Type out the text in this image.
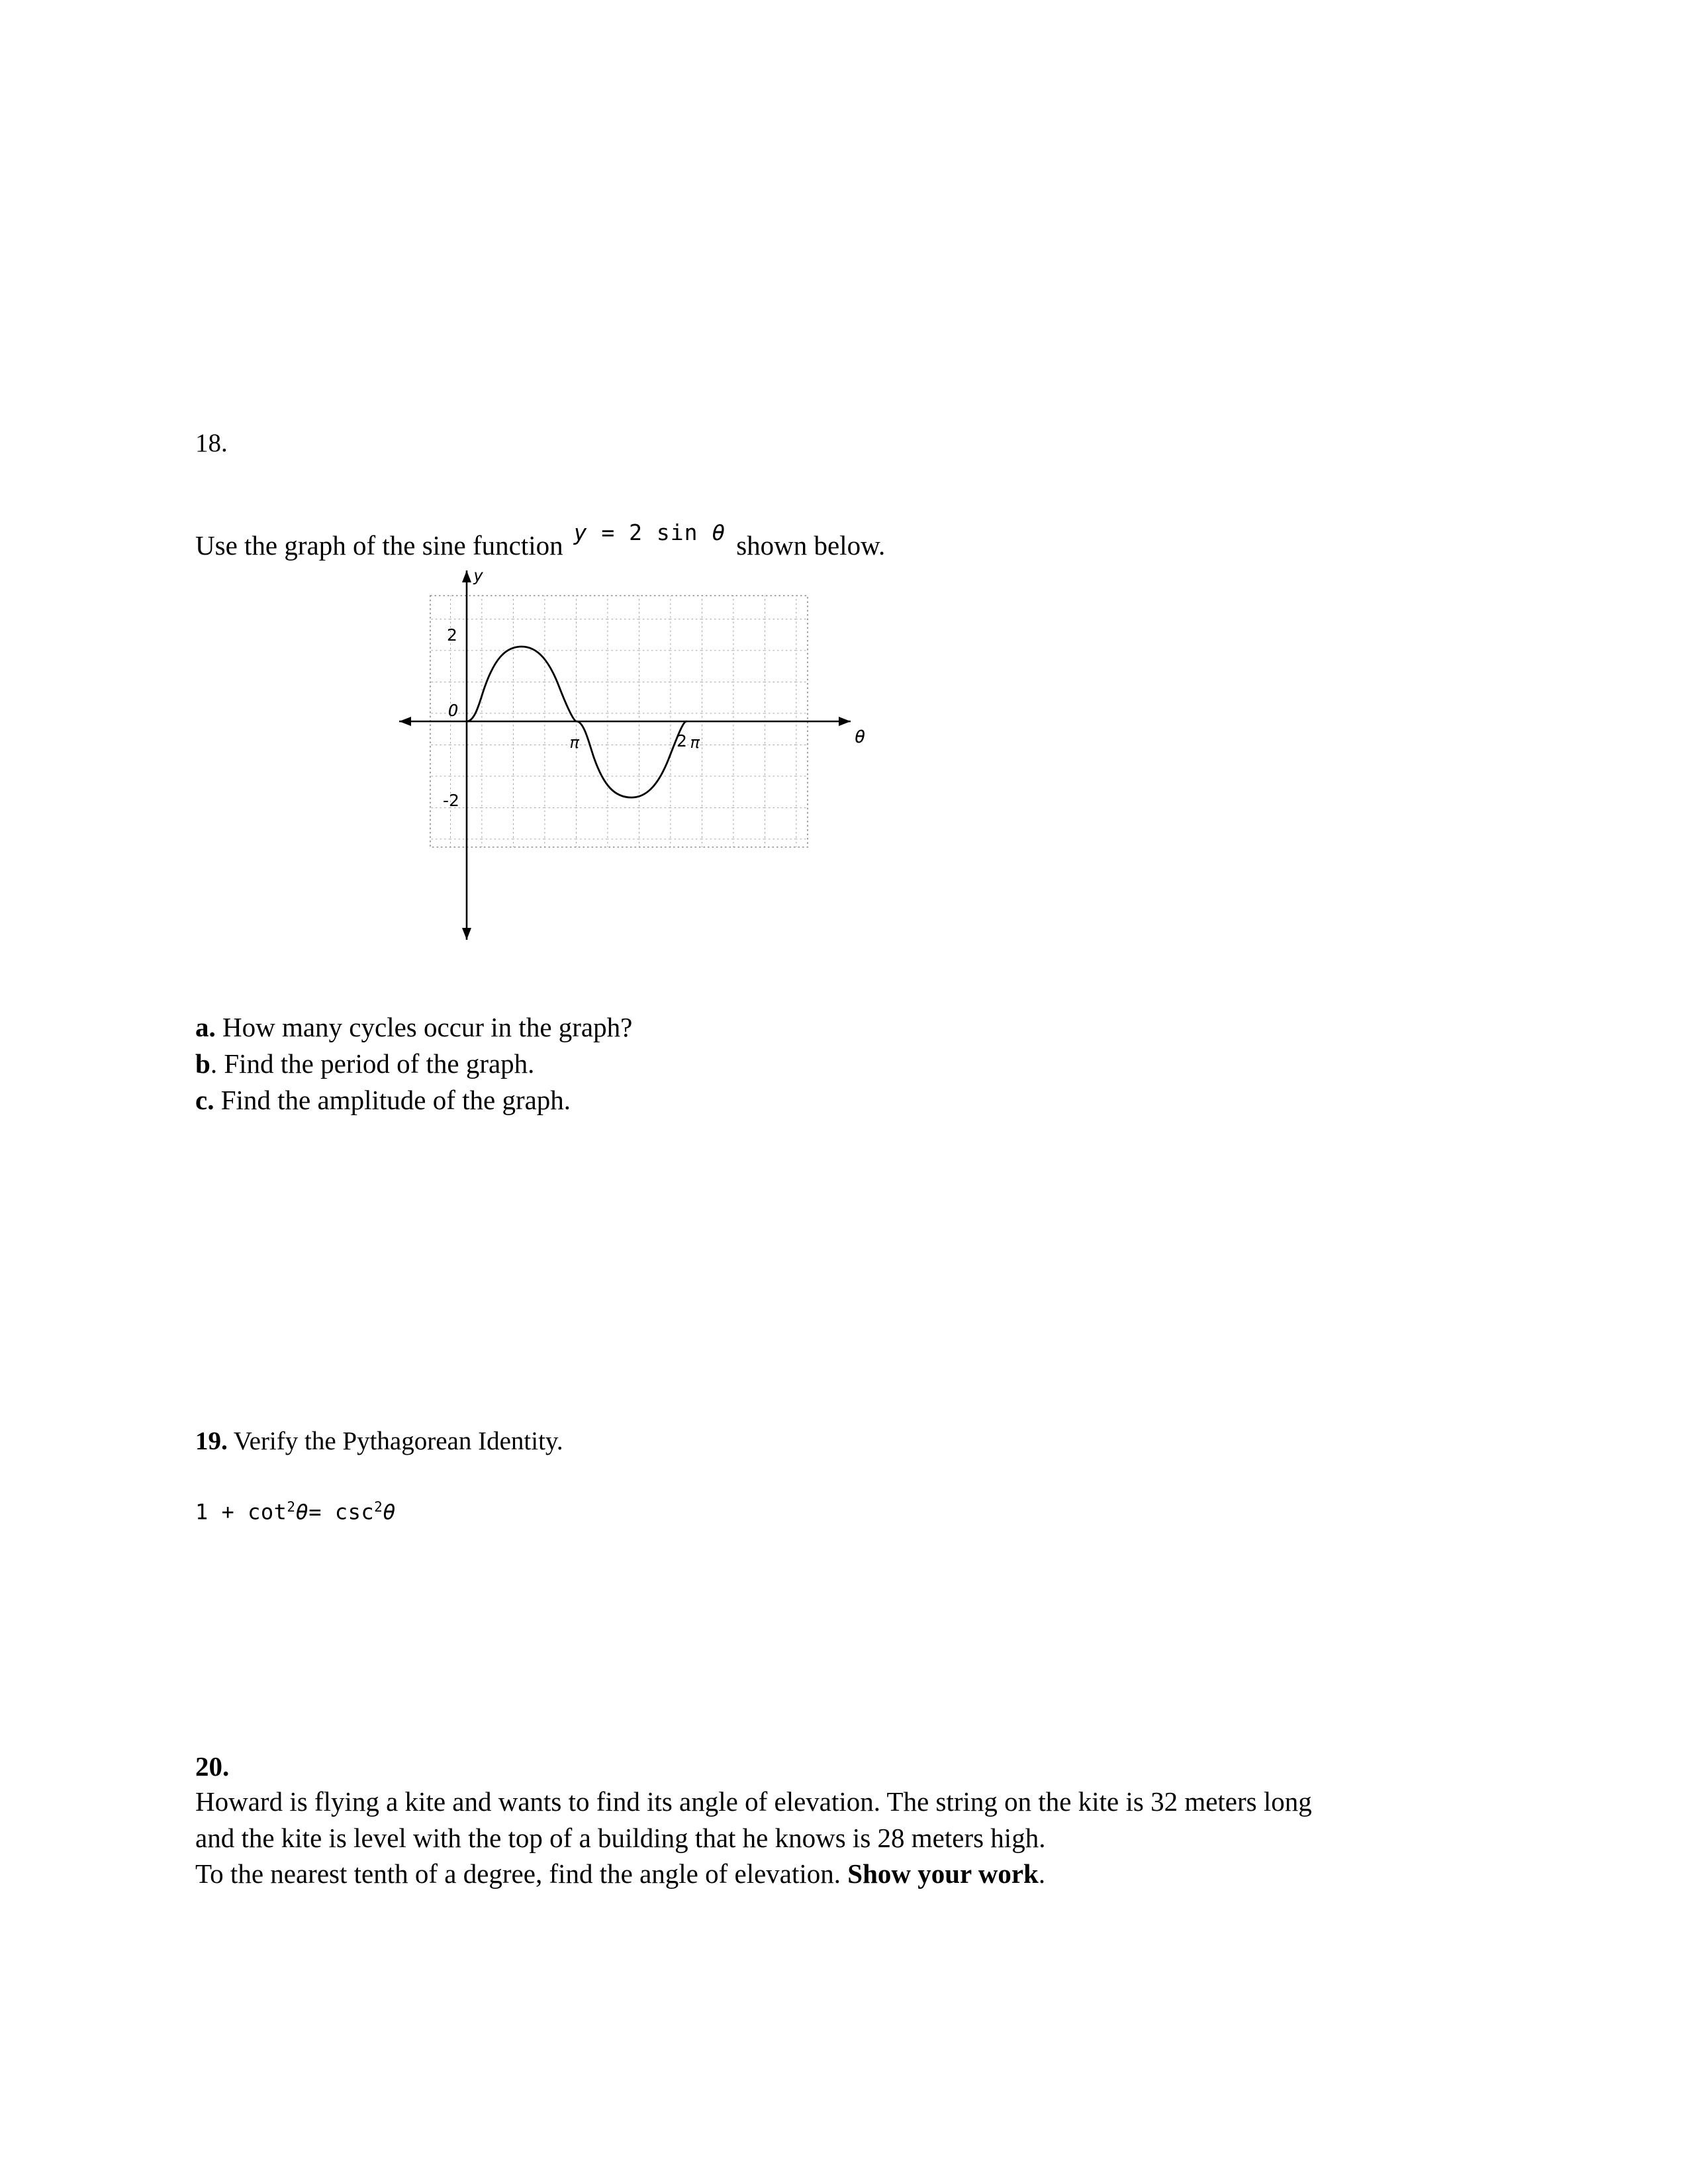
18.
Use the graph of the sine function $^{y = 2 sin \theta}$ shown below.
y
θ
O
2
-2
π	2 π
a. How many cycles occur in the graph?
b. Find the period of the graph.
c. Find the amplitude of the graph.
19. Verify the Pythagorean Identity.
$1 + \cot^2\theta= \csc^2\theta$
20.
Howard is flying a kite and wants to find its angle of elevation. The string on the kite is 32 meters long
and the kite is level with the top of a building that he knows is 28 meters high.
To the nearest tenth of a degree, find the angle of elevation. Show your work.
